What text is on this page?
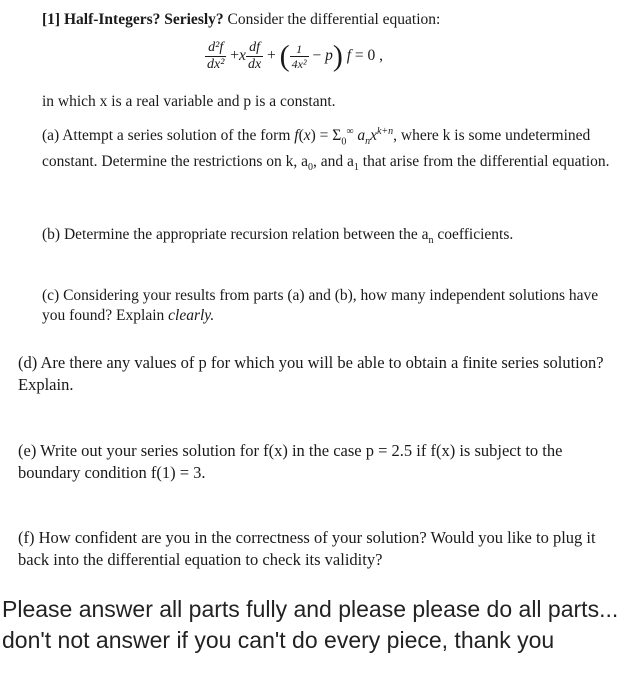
[1] Half-Integers? Seriesly? Consider the differential equation:
$\frac{\text{d²f}}{\text{dx²}} +x \frac{df}{dx}$ + ( $\frac{1}{\text{4x²}} - p$) f = 0 ,
in which x is a real variable and p is a constant.
(a) Attempt a series solution of the form $f(x) = \Sigma_0^\infty$ $a_nx^{k+n}$, where k is some undetermined constant. Determine the restrictions on k, $a_0$, and $a_1$ that arise from the differential equation.
(b) Determine the appropriate recursion relation between the $a_n$ coefficients.
(c) Considering your results from parts (a) and (b), how many independent solutions have you found? Explain clearly.
(d) Are there any values of p for which you will be able to obtain a finite series solution? Explain.
(e) Write out your series solution for f(x) in the case p = 2.5 if f(x) is subject to the boundary condition f(1) = 3.
(f) How confident are you in the correctness of your solution? Would you like to plug it back into the differential equation to check its validity?
Please answer all parts fully and please please do all parts... don't not answer if you can't do every piece, thank you
